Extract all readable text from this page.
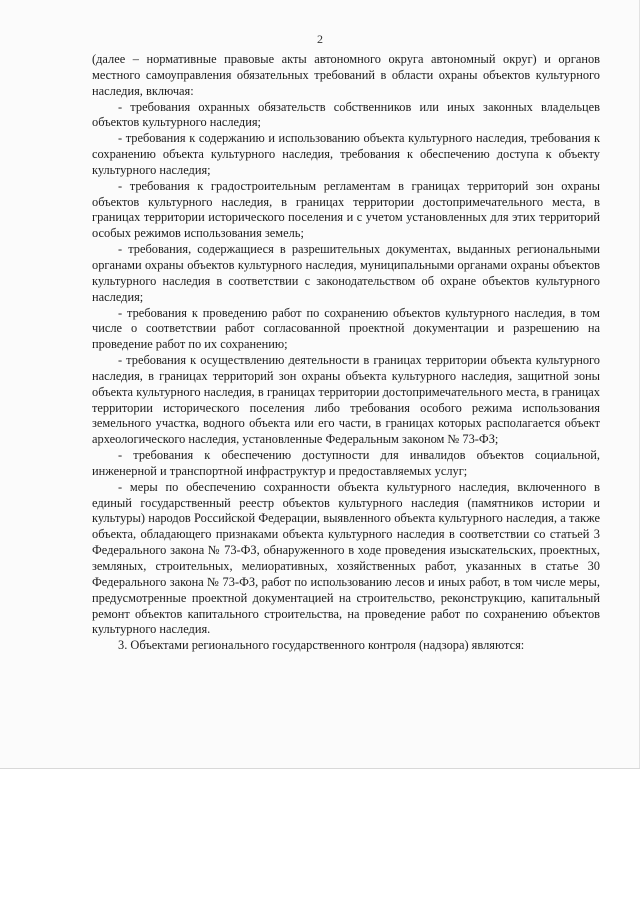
2

(далее – нормативные правовые акты автономного округа автономный округ) и органов местного самоуправления обязательных требований в области охраны объектов культурного наследия, включая:

- требования охранных обязательств собственников или иных законных владельцев объектов культурного наследия;

- требования к содержанию и использованию объекта культурного наследия, требования к сохранению объекта культурного наследия, требования к обеспечению доступа к объекту культурного наследия;

- требования к градостроительным регламентам в границах территорий зон охраны объектов культурного наследия, в границах территории достопримечательного места, в границах территории исторического поселения и с учетом установленных для этих территорий особых режимов использования земель;

- требования, содержащиеся в разрешительных документах, выданных региональными органами охраны объектов культурного наследия, муниципальными органами охраны объектов культурного наследия в соответствии с законодательством об охране объектов культурного наследия;

- требования к проведению работ по сохранению объектов культурного наследия, в том числе о соответствии работ согласованной проектной документации и разрешению на проведение работ по их сохранению;

- требования к осуществлению деятельности в границах территории объекта культурного наследия, в границах территорий зон охраны объекта культурного наследия, защитной зоны объекта культурного наследия, в границах территории достопримечательного места, в границах территории исторического поселения либо требования особого режима использования земельного участка, водного объекта или его части, в границах которых располагается объект археологического наследия, установленные Федеральным законом № 73-ФЗ;

- требования к обеспечению доступности для инвалидов объектов социальной, инженерной и транспортной инфраструктур и предоставляемых услуг;

- меры по обеспечению сохранности объекта культурного наследия, включенного в единый государственный реестр объектов культурного наследия (памятников истории и культуры) народов Российской Федерации, выявленного объекта культурного наследия, а также объекта, обладающего признаками объекта культурного наследия в соответствии со статьей 3 Федерального закона № 73-ФЗ, обнаруженного в ходе проведения изыскательских, проектных, земляных, строительных, мелиоративных, хозяйственных работ, указанных в статье 30 Федерального закона № 73-ФЗ, работ по использованию лесов и иных работ, в том числе меры, предусмотренные проектной документацией на строительство, реконструкцию, капитальный ремонт объектов капитального строительства, на проведение работ по сохранению объектов культурного наследия.

3. Объектами регионального государственного контроля (надзора) являются:
